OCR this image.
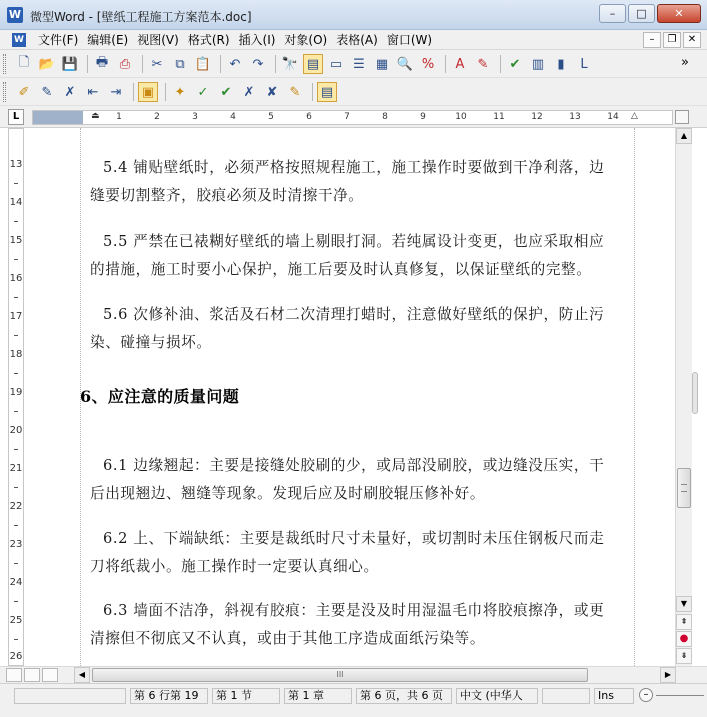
W 微型Word - [壁纸工程施工方案范本.doc]	–	□	✕
W 文件(F) 编辑(E) 视图(V) 格式(R) 插入(I) 对象(O) 表格(A) 窗口(W)	–	❐	✕
🗋 📂 💾 🖶 ⎙	✂ ⧉ 📋	↶ ↷	🔭 ▤ ▭ ☰ ▦ 🔍 %	A	✎	✔ ▥	▮	L	»
✐ ✎ ✗ ⇤ ⇥	▣	✦ ✓ ✔ ✗ ✘ ✎	▤
L	⏏	1	2	3	4	5	6	7	8	9	10	11	12	13	14 △
13
14
15
16
17
18
19
20
21
22
23
24
25
26
5.4 铺贴壁纸时，必须严格按照规程施工，施工操作时要做到干净利落，边
缝要切割整齐，胶痕必须及时清擦干净。
5.5 严禁在已裱糊好壁纸的墙上剔眼打洞。若纯属设计变更，也应采取相应
的措施，施工时要小心保护，施工后要及时认真修复，以保证壁纸的完整。
5.6 次修补油、浆活及石材二次清理打蜡时，注意做好壁纸的保护，防止污
染、碰撞与损坏。
6、应注意的质量问题
6.1 边缘翘起：主要是接缝处胶刷的少，或局部没刷胶，或边缝没压实，干
后出现翘边、翘缝等现象。发现后应及时刷胶辊压修补好。
6.2 上、下端缺纸：主要是裁纸时尺寸未量好，或切割时未压住钢板尺而走
刀将纸裁小。施工操作时一定要认真细心。
6.3 墙面不洁净，斜视有胶痕：主要是没及时用湿温毛巾将胶痕擦净，或更
清擦但不彻底又不认真，或由于其他工序造成面纸污染等。
▲
▼
⇞
●
⇟
◀	III	▶
第 6 行第 19	第 1 节	第 1 章	第 6 页，共 6 页	中文 (中华人	Ins	–
